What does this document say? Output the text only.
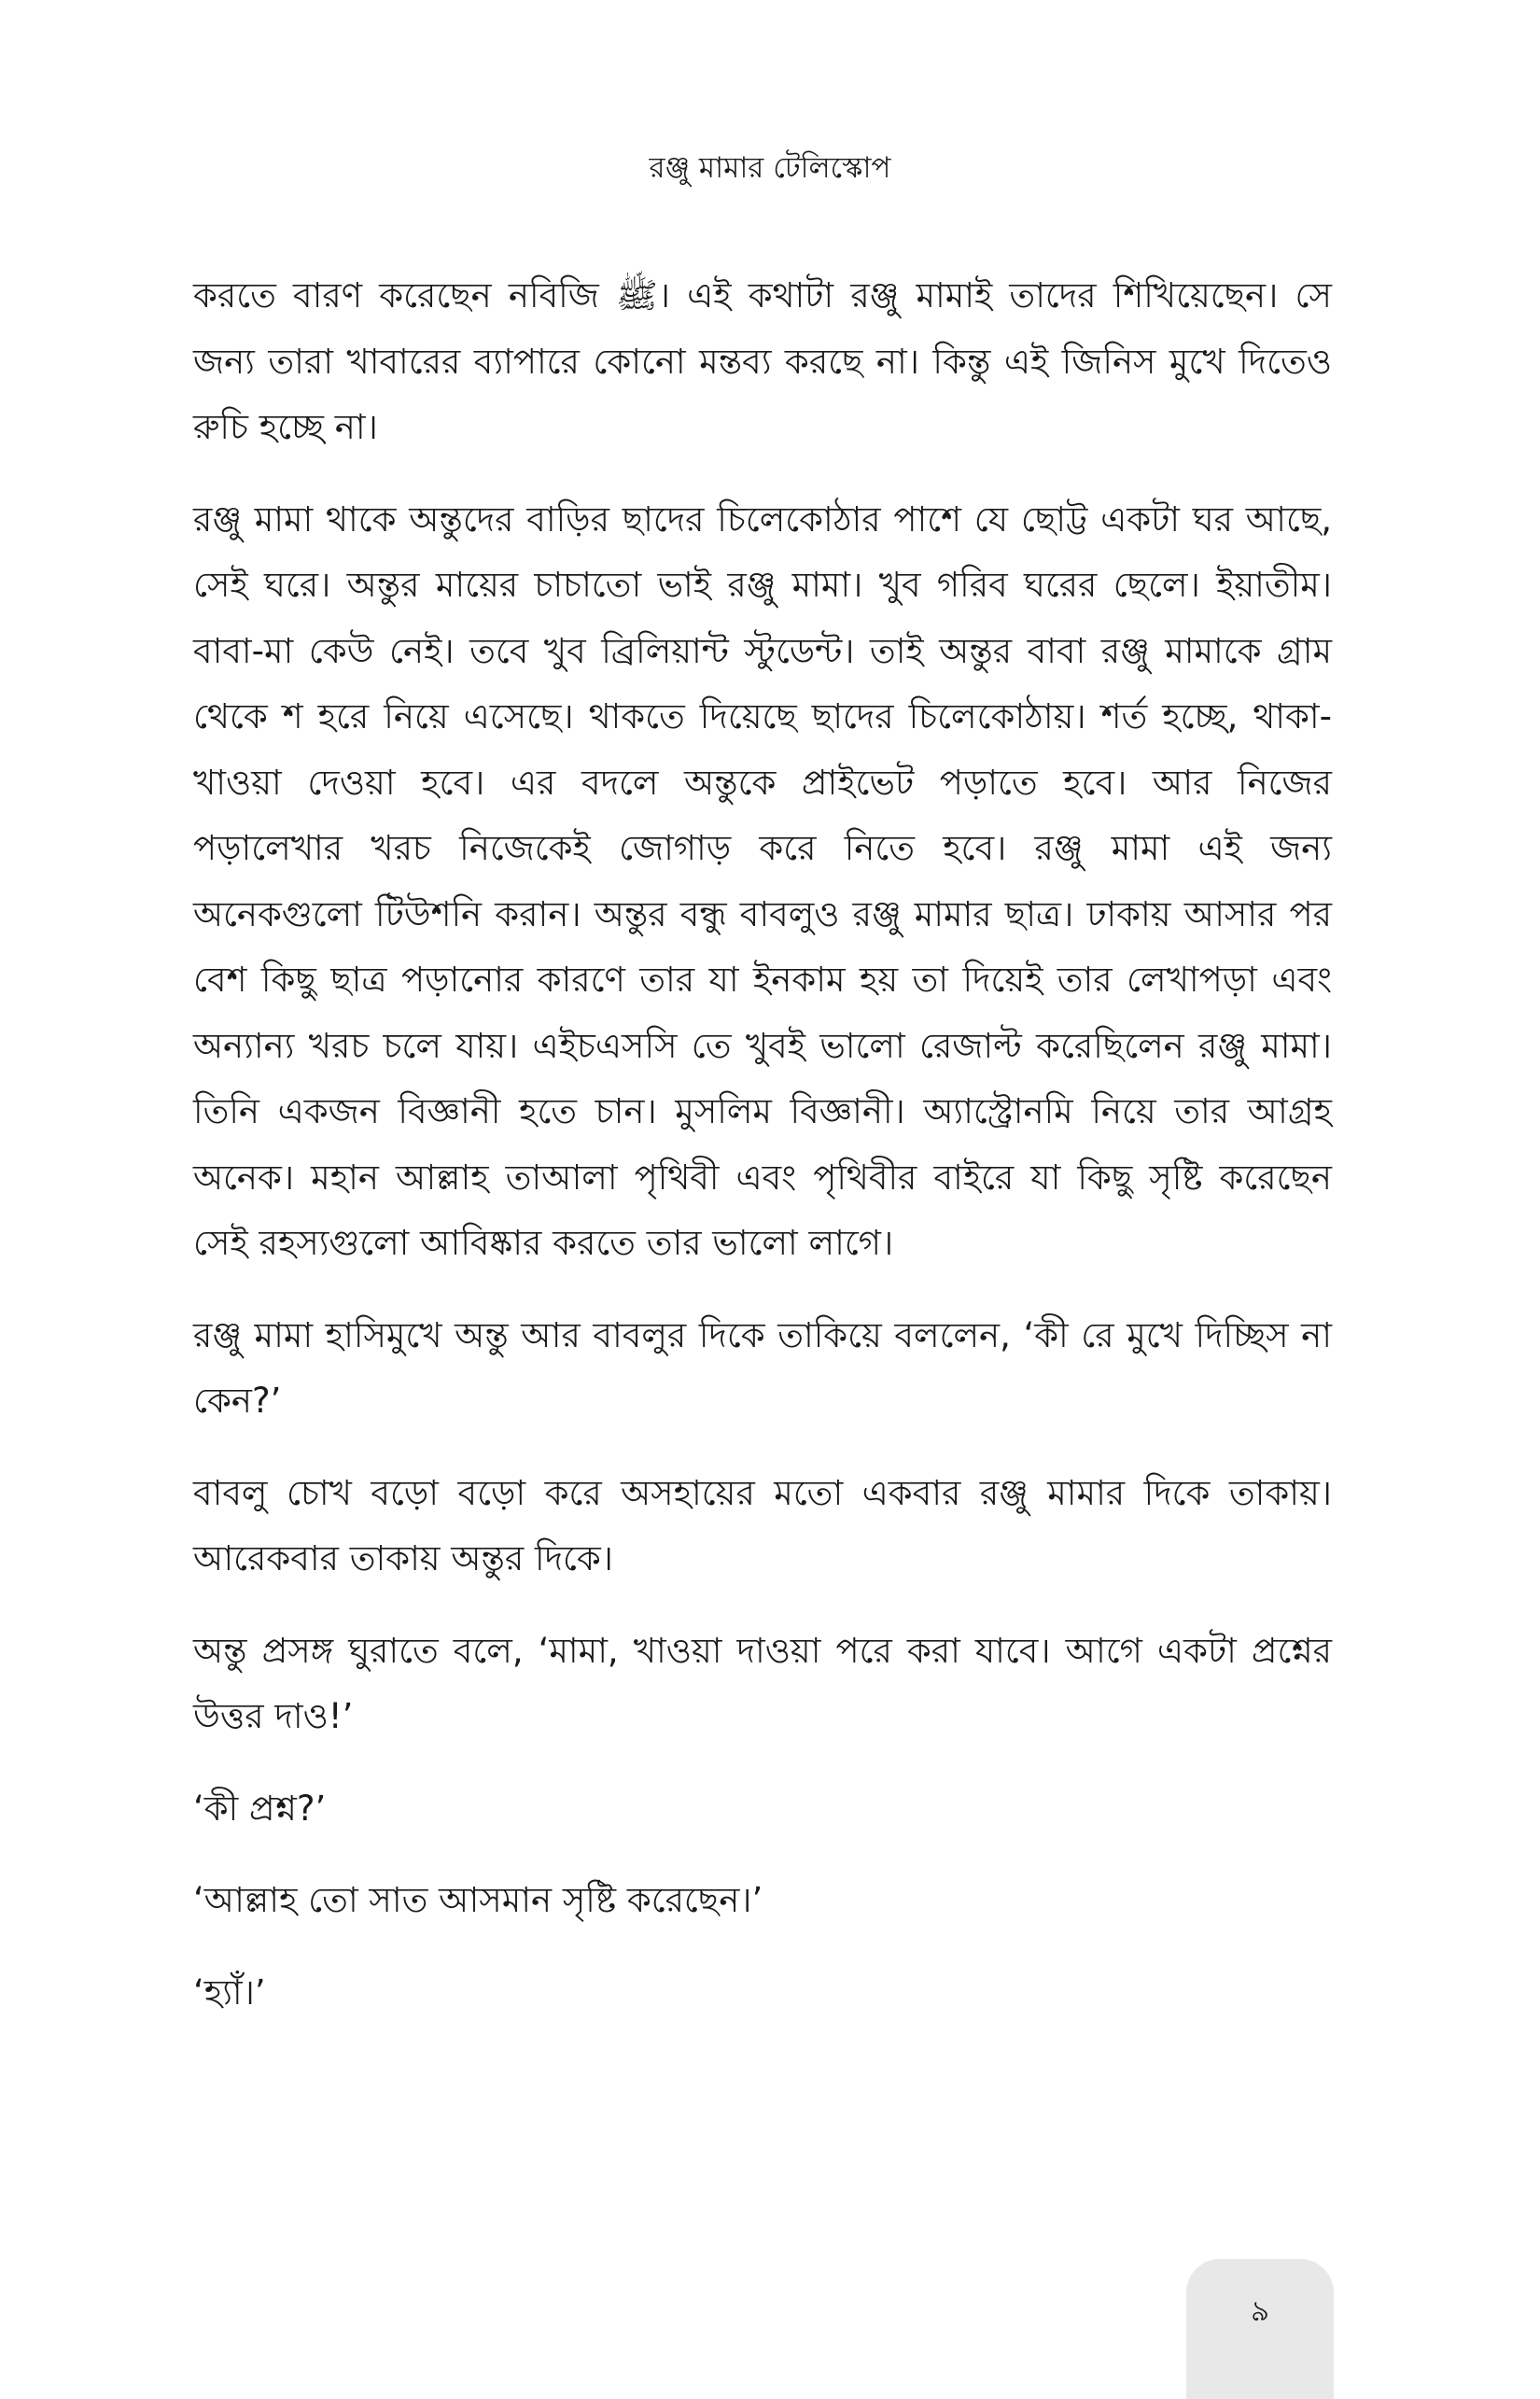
রঞ্জু মামার টেলিস্কোপ

করতে বারণ করেছেন নবিজি ﷺ। এই কথাটা রঞ্জু মামাই তাদের শিখিয়েছেন। সে জন্য তারা খাবারের ব্যাপারে কোনো মন্তব্য করছে না। কিন্তু এই জিনিস মুখে দিতেও রুচি হচ্ছে না।

রঞ্জু মামা থাকে অন্তুদের বাড়ির ছাদের চিলেকোঠার পাশে যে ছোট্ট একটা ঘর আছে, সেই ঘরে। অন্তুর মায়ের চাচাতো ভাই রঞ্জু মামা। খুব গরিব ঘরের ছেলে। ইয়াতীম। বাবা-মা কেউ নেই। তবে খুব ব্রিলিয়ান্ট স্টুডেন্ট। তাই অন্তুর বাবা রঞ্জু মামাকে গ্রাম থেকে শ হরে নিয়ে এসেছে। থাকতে দিয়েছে ছাদের চিলেকোঠায়। শর্ত হচ্ছে, থাকা-খাওয়া দেওয়া হবে। এর বদলে অন্তুকে প্রাইভেট পড়াতে হবে। আর নিজের পড়ালেখার খরচ নিজেকেই জোগাড় করে নিতে হবে। রঞ্জু মামা এই জন্য অনেকগুলো টিউশনি করান। অন্তুর বন্ধু বাবলুও রঞ্জু মামার ছাত্র। ঢাকায় আসার পর বেশ কিছু ছাত্র পড়ানোর কারণে তার যা ইনকাম হয় তা দিয়েই তার লেখাপড়া এবং অন্যান্য খরচ চলে যায়। এইচএসসি তে খুবই ভালো রেজাল্ট করেছিলেন রঞ্জু মামা। তিনি একজন বিজ্ঞানী হতে চান। মুসলিম বিজ্ঞানী। অ্যাস্ট্রোনমি নিয়ে তার আগ্রহ অনেক। মহান আল্লাহ তাআলা পৃথিবী এবং পৃথিবীর বাইরে যা কিছু সৃষ্টি করেছেন সেই রহস্যগুলো আবিষ্কার করতে তার ভালো লাগে।

রঞ্জু মামা হাসিমুখে অন্তু আর বাবলুর দিকে তাকিয়ে বললেন, ‘কী রে মুখে দিচ্ছিস না কেন?’

বাবলু চোখ বড়ো বড়ো করে অসহায়ের মতো একবার রঞ্জু মামার দিকে তাকায়। আরেকবার তাকায় অন্তুর দিকে।

অন্তু প্রসঙ্গ ঘুরাতে বলে, ‘মামা, খাওয়া দাওয়া পরে করা যাবে। আগে একটা প্রশ্নের উত্তর দাও!’

‘কী প্রশ্ন?’

‘আল্লাহ তো সাত আসমান সৃষ্টি করেছেন।’

‘হ্যাঁ।’

৯
